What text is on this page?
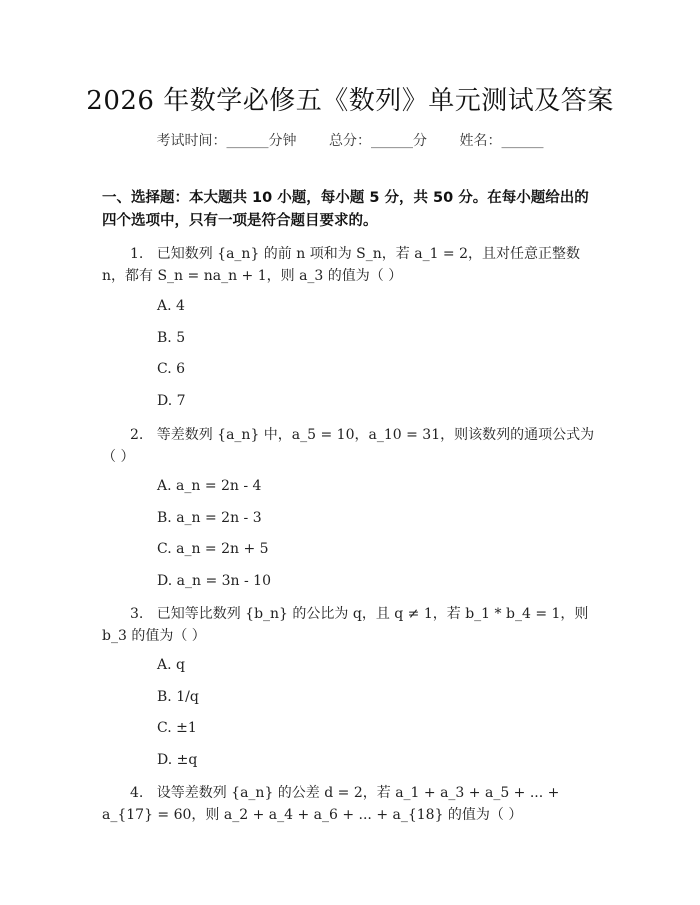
2026 年数学必修五《数列》单元测试及答案
考试时间：______分钟 总分：______分 姓名：______
一、选择题：本大题共 10 小题，每小题 5 分，共 50 分。在每小题给出的四个选项中，只有一项是符合题目要求的。
1. 已知数列 {a_n} 的前 n 项和为 S_n，若 a_1 = 2，且对任意正整数 n，都有 S_n = na_n + 1，则 a_3 的值为（ ）
A. 4
B. 5
C. 6
D. 7
2. 等差数列 {a_n} 中，a_5 = 10，a_10 = 31，则该数列的通项公式为（ ）
A. a_n = 2n - 4
B. a_n = 2n - 3
C. a_n = 2n + 5
D. a_n = 3n - 10
3. 已知等比数列 {b_n} 的公比为 q，且 q ≠ 1，若 b_1 * b_4 = 1，则 b_3 的值为（ ）
A. q
B. 1/q
C. ±1
D. ±q
4. 设等差数列 {a_n} 的公差 d = 2，若 a_1 + a_3 + a_5 + ... + a_{17} = 60，则 a_2 + a_4 + a_6 + ... + a_{18} 的值为（ ）
